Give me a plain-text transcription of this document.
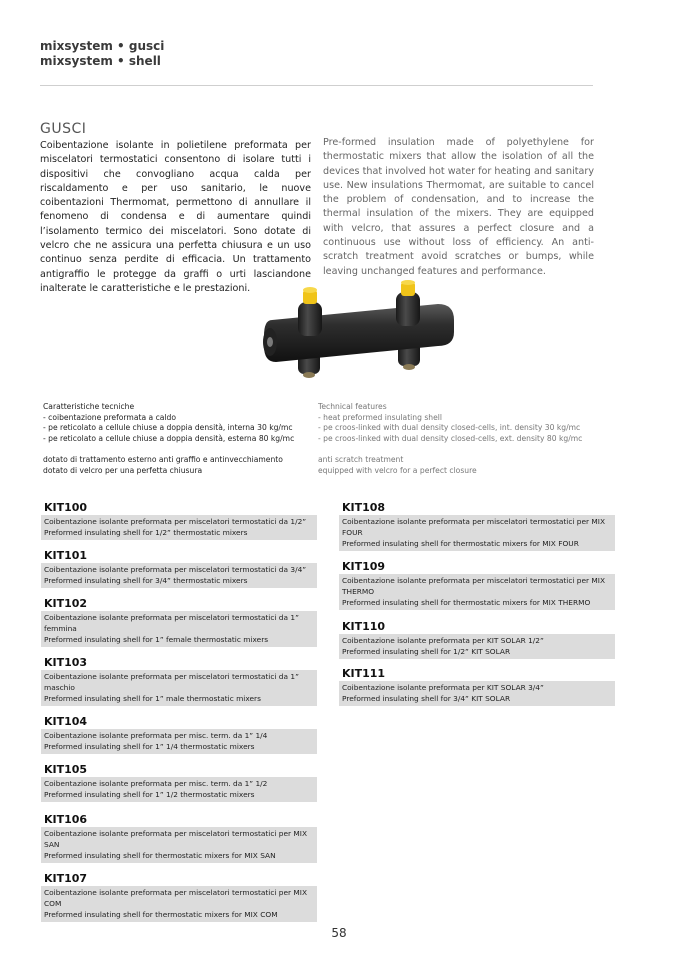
mixsystem • gusci
mixsystem • shell
GUSCI
Coibentazione isolante in polietilene preformata per miscelatori termostatici consentono di isolare tutti i dispositivi che convogliano acqua calda per riscaldamento e per uso sanitario, le nuove coibentazioni Thermomat, permettono di annullare il fenomeno di condensa e di aumentare quindi l’isolamento termico dei miscelatori. Sono dotate di velcro che ne assicura una perfetta chiusura e un uso continuo senza perdite di efficacia. Un trattamento antigraffio le protegge da graffi o urti lasciandone inalterate le caratteristiche e le prestazioni.
Pre-formed insulation made of polyethylene for thermostatic mixers that allow the isolation of all the devices that involved hot water for heating and sanitary use. New insulations Thermomat, are suitable to cancel the problem of condensation, and to increase the thermal insulation of the mixers. They are equipped with velcro, that assures a perfect closure and a continuous use without loss of efficiency. An anti-scratch treatment avoid scratches or bumps, while leaving unchanged features and performance.
Caratteristiche tecniche
- coibentazione preformata a caldo
- pe reticolato a cellule chiuse a doppia densità, interna 30 kg/mc
- pe reticolato a cellule chiuse a doppia densità, esterna 80 kg/mc
dotato di trattamento esterno anti graffio e antinvecchiamento
dotato di velcro per una perfetta chiusura
Technical features
- heat preformed insulating shell
- pe croos-linked with dual density closed-cells, int. density 30 kg/mc
- pe croos-linked with dual density closed-cells, ext. density 80 kg/mc
anti scratch treatment
equipped with velcro for a perfect closure
KIT100
Coibentazione isolante preformata per miscelatori termostatici da 1/2”
Preformed insulating shell for 1/2” thermostatic mixers
KIT101
Coibentazione isolante preformata per miscelatori termostatici da 3/4”
Preformed insulating shell for 3/4” thermostatic mixers
KIT102
Coibentazione isolante preformata per miscelatori termostatici da 1” femmina
Preformed insulating shell for 1” female thermostatic mixers
KIT103
Coibentazione isolante preformata per miscelatori termostatici da 1” maschio
Preformed insulating shell for 1” male thermostatic mixers
KIT104
Coibentazione isolante preformata per misc. term. da 1” 1/4
Preformed insulating shell for 1” 1/4 thermostatic mixers
KIT105
Coibentazione isolante preformata per misc. term. da 1” 1/2
Preformed insulating shell for 1” 1/2 thermostatic mixers
KIT106
Coibentazione isolante preformata per miscelatori termostatici per MIX SAN
Preformed insulating shell for thermostatic mixers for MIX SAN
KIT107
Coibentazione isolante preformata per miscelatori termostatici per MIX COM
Preformed insulating shell for thermostatic mixers for MIX COM
KIT108
Coibentazione isolante preformata per miscelatori termostatici per MIX FOUR
Preformed insulating shell for thermostatic mixers for MIX FOUR
KIT109
Coibentazione isolante preformata per miscelatori termostatici per MIX THERMO
Preformed insulating shell for thermostatic mixers for MIX THERMO
KIT110
Coibentazione isolante preformata per KIT SOLAR 1/2”
Preformed insulating shell for 1/2” KIT SOLAR
KIT111
Coibentazione isolante preformata per KIT SOLAR 3/4”
Preformed insulating shell for 3/4” KIT SOLAR
58
